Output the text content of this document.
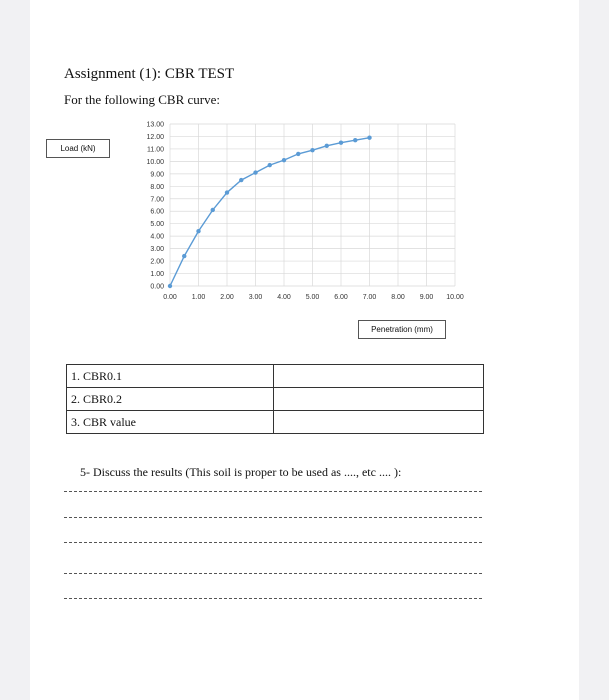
Assignment (1): CBR TEST
For the following CBR curve:
0.00
1.00
2.00
3.00
4.00
5.00
6.00
7.00
8.00
9.00
10.00
11.00
12.00
13.00
0.00 1.00 2.00 3.00 4.00 5.00 6.00 7.00 8.00 9.00 10.00
Load (kN)
Penetration (mm)
1. CBR0.1	
2. CBR0.2	
3. CBR value	
5- Discuss the results (This soil is proper to be used as ...., etc .... ):
